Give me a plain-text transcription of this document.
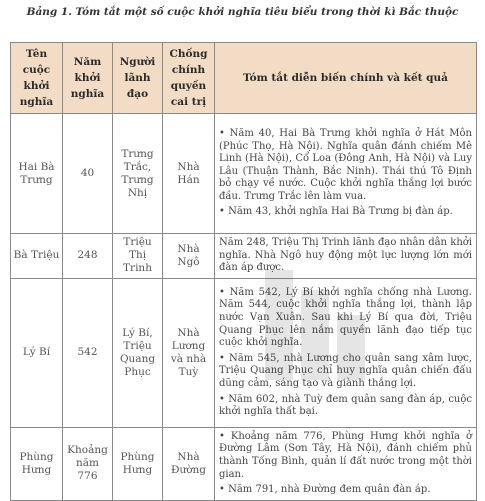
Bảng 1. Tóm tắt một số cuộc khởi nghĩa tiêu biểu trong thời kì Bắc thuộc
Tên cuộc khởi nghĩa	Năm khởi nghĩa	Người lãnh đạo	Chống chính quyền cai trị	Tóm tắt diễn biến chính và kết quả
Hai Bà Trưng	40	Trưng Trắc, Trưng Nhị	Nhà Hán	• Năm 40, Hai Bà Trưng khởi nghĩa ở Hát Môn (Phúc Thọ, Hà Nội). Nghĩa quân đánh chiếm Mê Linh (Hà Nội), Cổ Loa (Đông Anh, Hà Nội) và Luy Lâu (Thuận Thành, Bắc Ninh). Thái thú Tô Định bỏ chạy về nước. Cuộc khởi nghĩa thắng lợi bước đầu. Trưng Trắc lên làm vua.

• Năm 43, khởi nghĩa Hai Bà Trưng bị đàn áp.

Bà Triệu	248	Triệu Thị Trinh	Nhà Ngô	Năm 248, Triệu Thị Trinh lãnh đạo nhân dân khởi nghĩa. Nhà Ngô huy động một lực lượng lớn mới đàn áp được.

Lý Bí	542	Lý Bí, Triệu Quang Phục	Nhà Lương và nhà Tuỳ	• Năm 542, Lý Bí khởi nghĩa chống nhà Lương. Năm 544, cuộc khởi nghĩa thắng lợi, thành lập nước Vạn Xuân. Sau khi Lý Bí qua đời, Triệu Quang Phục lên nắm quyền lãnh đạo tiếp tục cuộc khởi nghĩa.

• Năm 545, nhà Lương cho quân sang xâm lược, Triệu Quang Phục chỉ huy nghĩa quân chiến đấu dũng cảm, sáng tạo và giành thắng lợi.

• Năm 602, nhà Tuỳ đem quân sang đàn áp, cuộc khởi nghĩa thất bại.

Phùng Hưng	Khoảng năm 776	Phùng Hưng	Nhà Đường	• Khoảng năm 776, Phùng Hưng khởi nghĩa ở Đường Lâm (Sơn Tây, Hà Nội), đánh chiếm phủ thành Tống Bình, quản lí đất nước trong một thời gian.

• Năm 791, nhà Đường đem quân đàn áp.
